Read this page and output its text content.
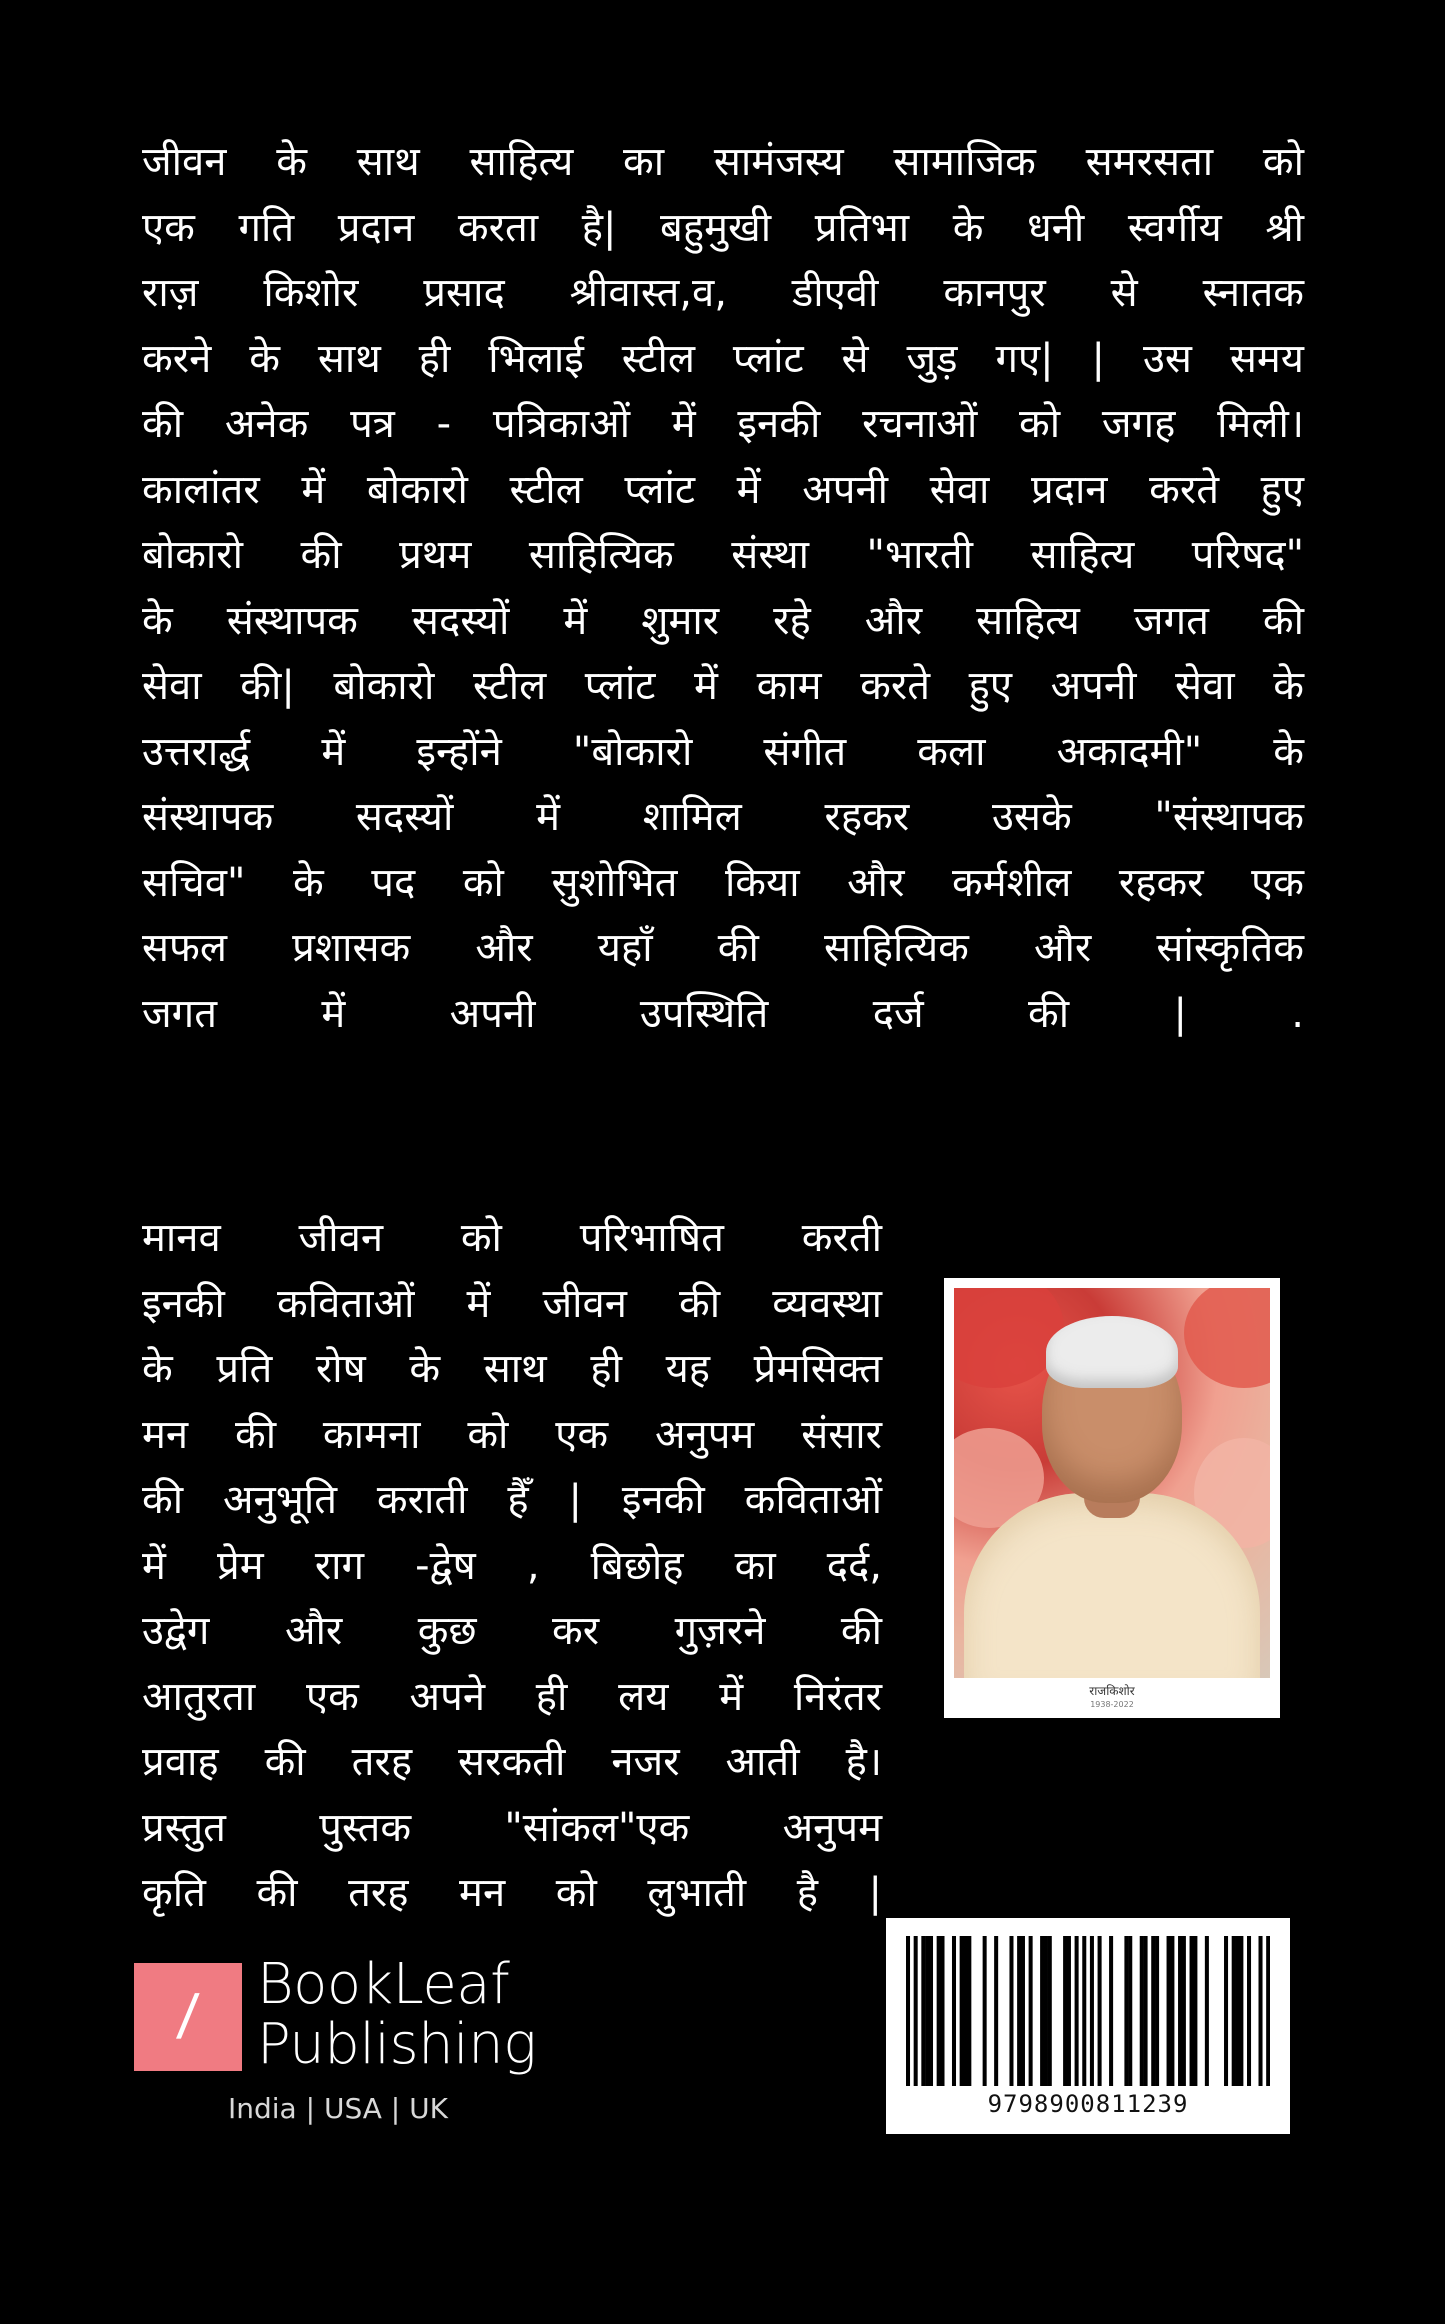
जीवन के साथ साहित्य का सामंजस्य सामाजिक समरसता को
एक गति प्रदान करता है| बहुमुखी प्रतिभा के धनी स्वर्गीय श्री
राज़ किशोर प्रसाद श्रीवास्त,व, डीएवी कानपुर से स्नातक
करने के साथ ही भिलाई स्टील प्लांट से जुड़ गए| | उस समय
की अनेक पत्र - पत्रिकाओं में इनकी रचनाओं को जगह मिली।
कालांतर में बोकारो स्टील प्लांट में अपनी सेवा प्रदान करते हुए
बोकारो की प्रथम साहित्यिक संस्था "भारती साहित्य परिषद"
के संस्थापक सदस्यों में शुमार रहे और साहित्य जगत की
सेवा की| बोकारो स्टील प्लांट में काम करते हुए अपनी सेवा के
उत्तरार्द्ध में इन्होंने "बोकारो संगीत कला अकादमी" के
संस्थापक सदस्यों में शामिल रहकर उसके "संस्थापक
सचिव" के पद को सुशोभित किया और कर्मशील रहकर एक
सफल प्रशासक और यहाँ की साहित्यिक और सांस्कृतिक
जगत में अपनी उपस्थिति दर्ज की | .
मानव जीवन को परिभाषित करती
इनकी कविताओं में जीवन की व्यवस्था
के प्रति रोष के साथ ही यह प्रेमसिक्त
मन की कामना को एक अनुपम संसार
की अनुभूति कराती हैँ | इनकी कविताओं
में प्रेम राग -द्वेष , बिछोह का दर्द,
उद्वेग और कुछ कर गुज़रने की
आतुरता एक अपने ही लय में निरंतर
प्रवाह की तरह सरकती नजर आती है।
प्रस्तुत पुस्तक "सांकल"एक अनुपम
कृति की तरह मन को लुभाती है |
राजकिशोर
1938-2022
/ BookLeaf
Publishing
India | USA | UK	9798900811239
